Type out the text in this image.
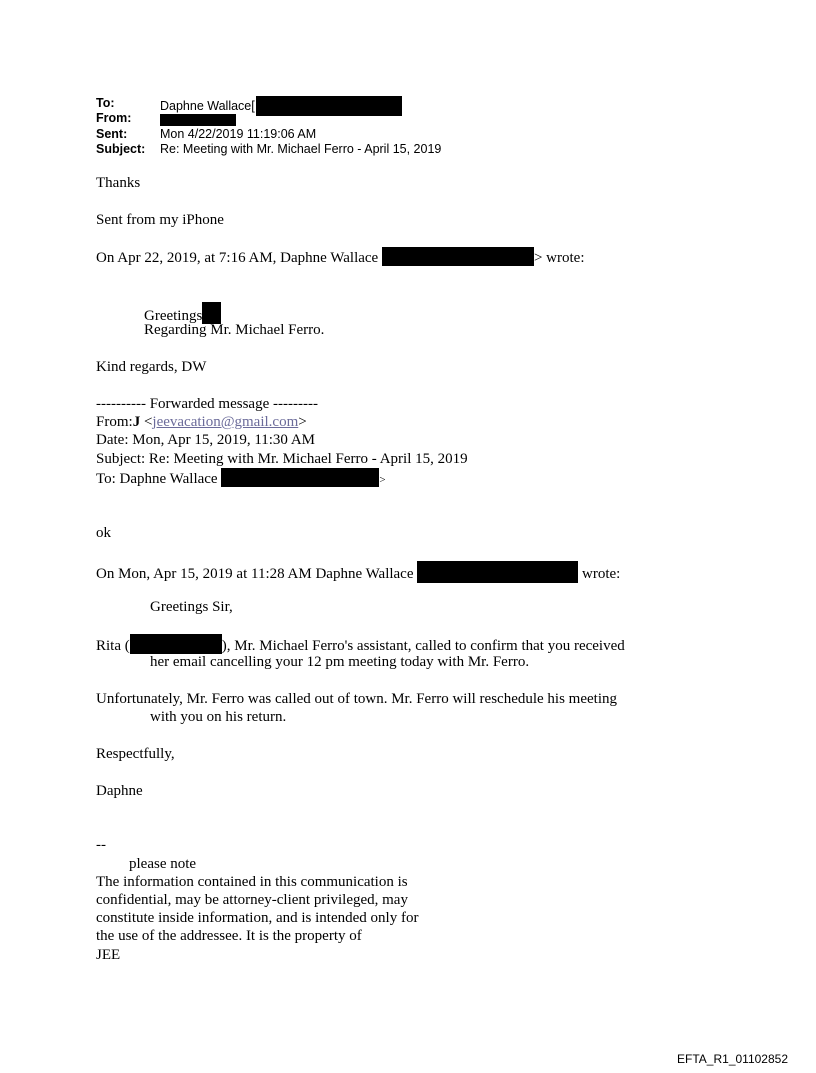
To:	Daphne Wallace[
From:
Sent:	Mon 4/22/2019 11:19:06 AM
Subject: Re: Meeting with Mr. Michael Ferro - April 15, 2019
Thanks
Sent from my iPhone
On Apr 22, 2019, at 7:16 AM, Daphne Wallace	> wrote:
Greetings
Regarding Mr. Michael Ferro.
Kind regards, DW
---------- Forwarded message ---------
From:J <jeevacation@gmail.com>
Date: Mon, Apr 15, 2019, 11:30 AM
Subject: Re: Meeting with Mr. Michael Ferro - April 15, 2019
To: Daphne Wallace	>
ok
On Mon, Apr 15, 2019 at 11:28 AM Daphne Wallace	wrote:
Greetings Sir,
Rita (	), Mr. Michael Ferro's assistant, called to confirm that you received
her email cancelling your 12 pm meeting today with Mr. Ferro.
Unfortunately, Mr. Ferro was called out of town. Mr. Ferro will reschedule his meeting
with you on his return.
Respectfully,
Daphne
--
please note
The information contained in this communication is
confidential, may be attorney-client privileged, may
constitute inside information, and is intended only for
the use of the addressee. It is the property of
JEE
EFTA_R1_01102852
